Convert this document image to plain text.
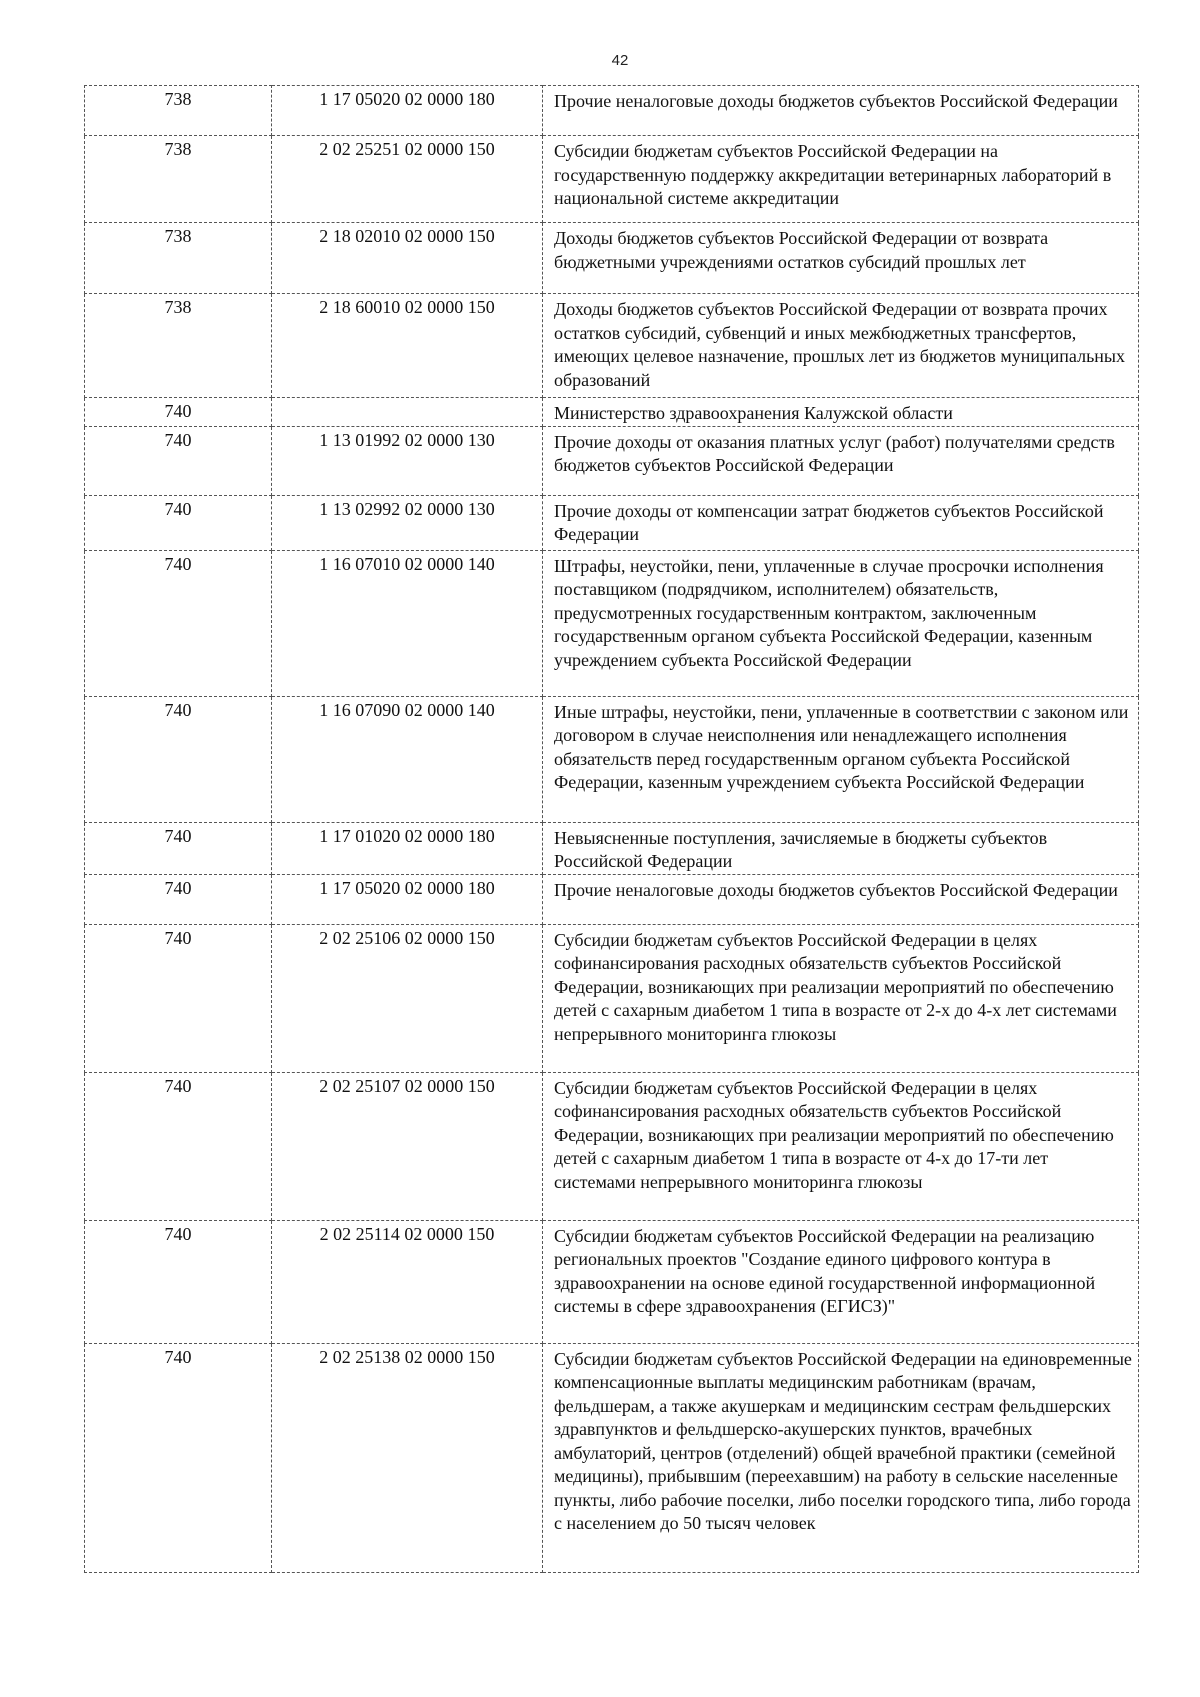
42
738	1 17 05020 02 0000 180	Прочие неналоговые доходы бюджетов субъектов Российской Федерации
738	2 02 25251 02 0000 150	Субсидии бюджетам субъектов Российской Федерации на государственную поддержку аккредитации ветеринарных лабораторий в национальной системе аккредитации
738	2 18 02010 02 0000 150	Доходы бюджетов субъектов Российской Федерации от возврата бюджетными учреждениями остатков субсидий прошлых лет
738	2 18 60010 02 0000 150	Доходы бюджетов субъектов Российской Федерации от возврата прочих остатков субсидий, субвенций и иных межбюджетных трансфертов, имеющих целевое назначение, прошлых лет из бюджетов муниципальных образований
740		Министерство здравоохранения Калужской области
740	1 13 01992 02 0000 130	Прочие доходы от оказания платных услуг (работ) получателями средств бюджетов субъектов Российской Федерации
740	1 13 02992 02 0000 130	Прочие доходы от компенсации затрат бюджетов субъектов Российской Федерации
740	1 16 07010 02 0000 140	Штрафы, неустойки, пени, уплаченные в случае просрочки исполнения поставщиком (подрядчиком, исполнителем) обязательств, предусмотренных государственным контрактом, заключенным государственным органом субъекта Российской Федерации, казенным учреждением субъекта Российской Федерации
740	1 16 07090 02 0000 140	Иные штрафы, неустойки, пени, уплаченные в соответствии с законом или договором в случае неисполнения или ненадлежащего исполнения обязательств перед государственным органом субъекта Российской Федерации, казенным учреждением субъекта Российской Федерации
740	1 17 01020 02 0000 180	Невыясненные поступления, зачисляемые в бюджеты субъектов Российской Федерации
740	1 17 05020 02 0000 180	Прочие неналоговые доходы бюджетов субъектов Российской Федерации
740	2 02 25106 02 0000 150	Субсидии бюджетам субъектов Российской Федерации в целях софинансирования расходных обязательств субъектов Российской Федерации, возникающих при реализации мероприятий по обеспечению детей с сахарным диабетом 1 типа в возрасте от 2-х до 4-х лет системами непрерывного мониторинга глюкозы
740	2 02 25107 02 0000 150	Субсидии бюджетам субъектов Российской Федерации в целях софинансирования расходных обязательств субъектов Российской Федерации, возникающих при реализации мероприятий по обеспечению детей с сахарным диабетом 1 типа в возрасте от 4-х до 17-ти лет системами непрерывного мониторинга глюкозы
740	2 02 25114 02 0000 150	Субсидии бюджетам субъектов Российской Федерации на реализацию региональных проектов "Создание единого цифрового контура в здравоохранении на основе единой государственной информационной системы в сфере здравоохранения (ЕГИСЗ)"
740	2 02 25138 02 0000 150	Субсидии бюджетам субъектов Российской Федерации на единовременные компенсационные выплаты медицинским работникам (врачам, фельдшерам, а также акушеркам и медицинским сестрам фельдшерских здравпунктов и фельдшерско-акушерских пунктов, врачебных амбулаторий, центров (отделений) общей врачебной практики (семейной медицины), прибывшим (переехавшим) на работу в сельские населенные пункты, либо рабочие поселки, либо поселки городского типа, либо города с населением до 50 тысяч человек
